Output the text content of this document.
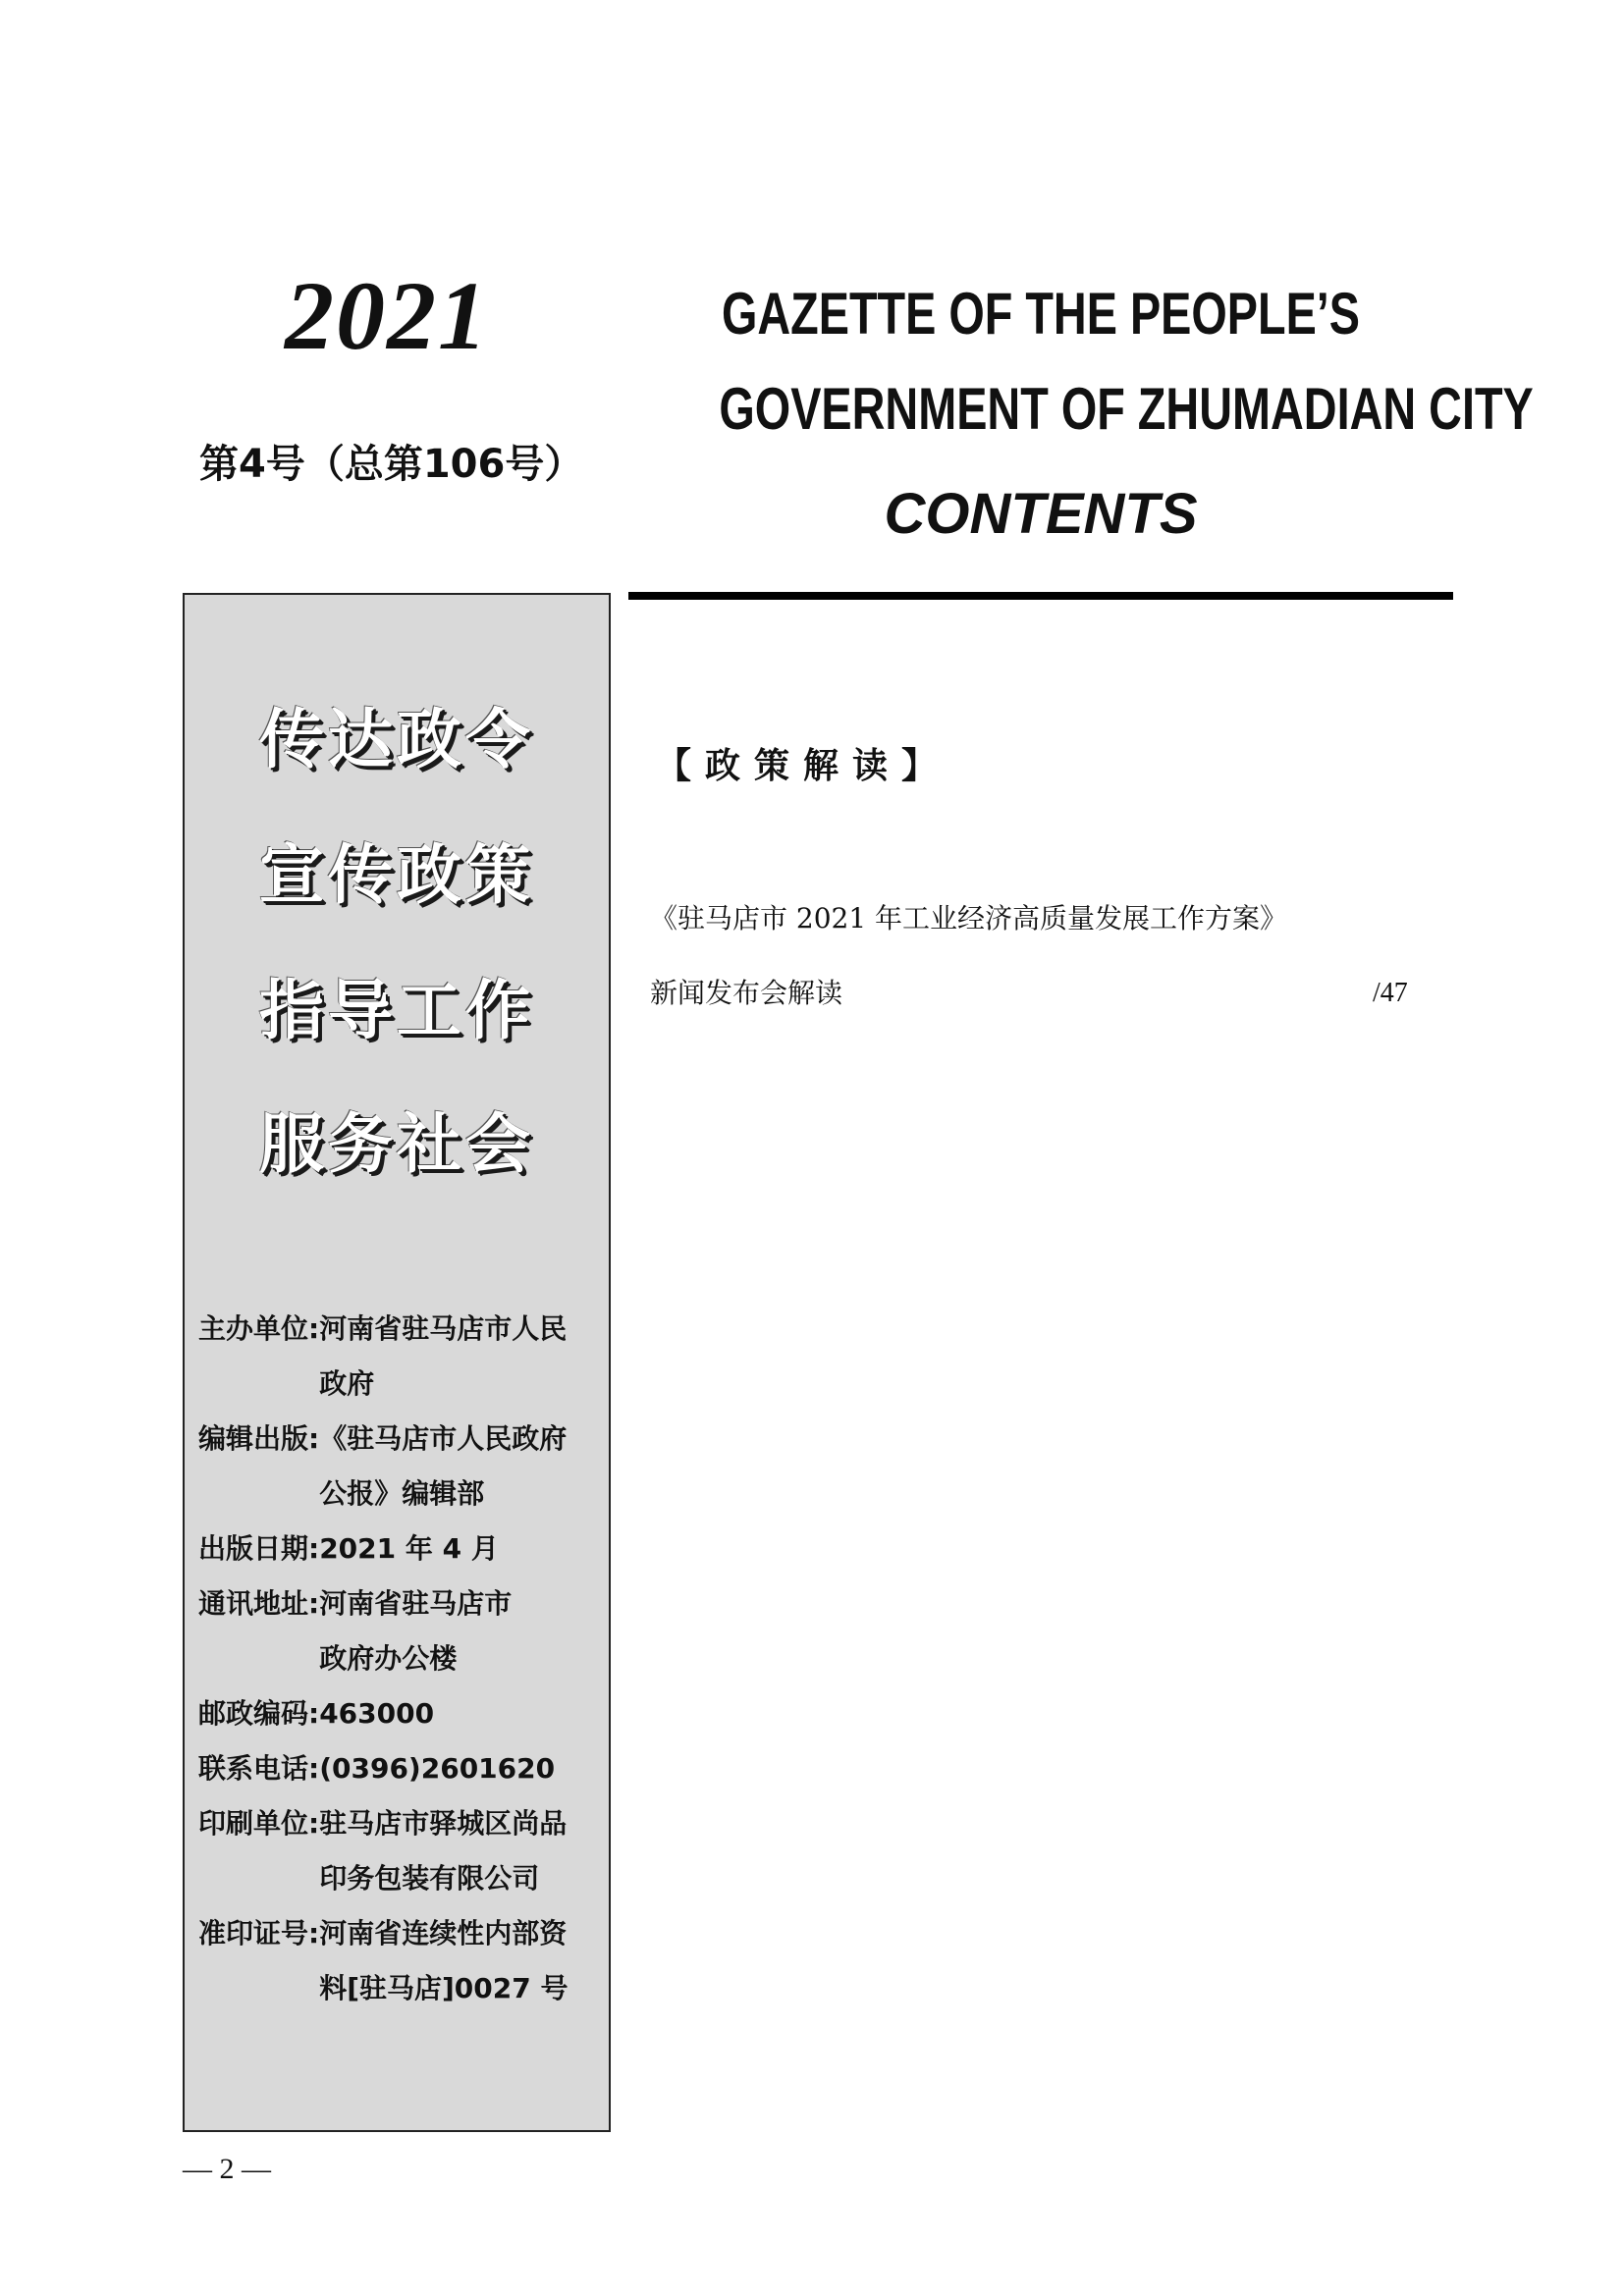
2021
第4号（总第106号）
GAZETTE OF THE PEOPLE’S
GOVERNMENT OF ZHUMADIAN CITY
CONTENTS
传达政令
宣传政策
指导工作
服务社会
主办单位: 河南省驻马店市人民
政府
编辑出版: 《驻马店市人民政府
公报》编辑部
出版日期: 2021 年 4 月
通讯地址: 河南省驻马店市
政府办公楼
邮政编码: 463000
联系电话: (0396)2601620
印刷单位: 驻马店市驿城区尚品
印务包装有限公司
准印证号: 河南省连续性内部资
料[驻马店]0027 号
【政策解读】
《驻马店市 2021 年工业经济高质量发展工作方案》
新闻发布会解读	/47
— 2 —
